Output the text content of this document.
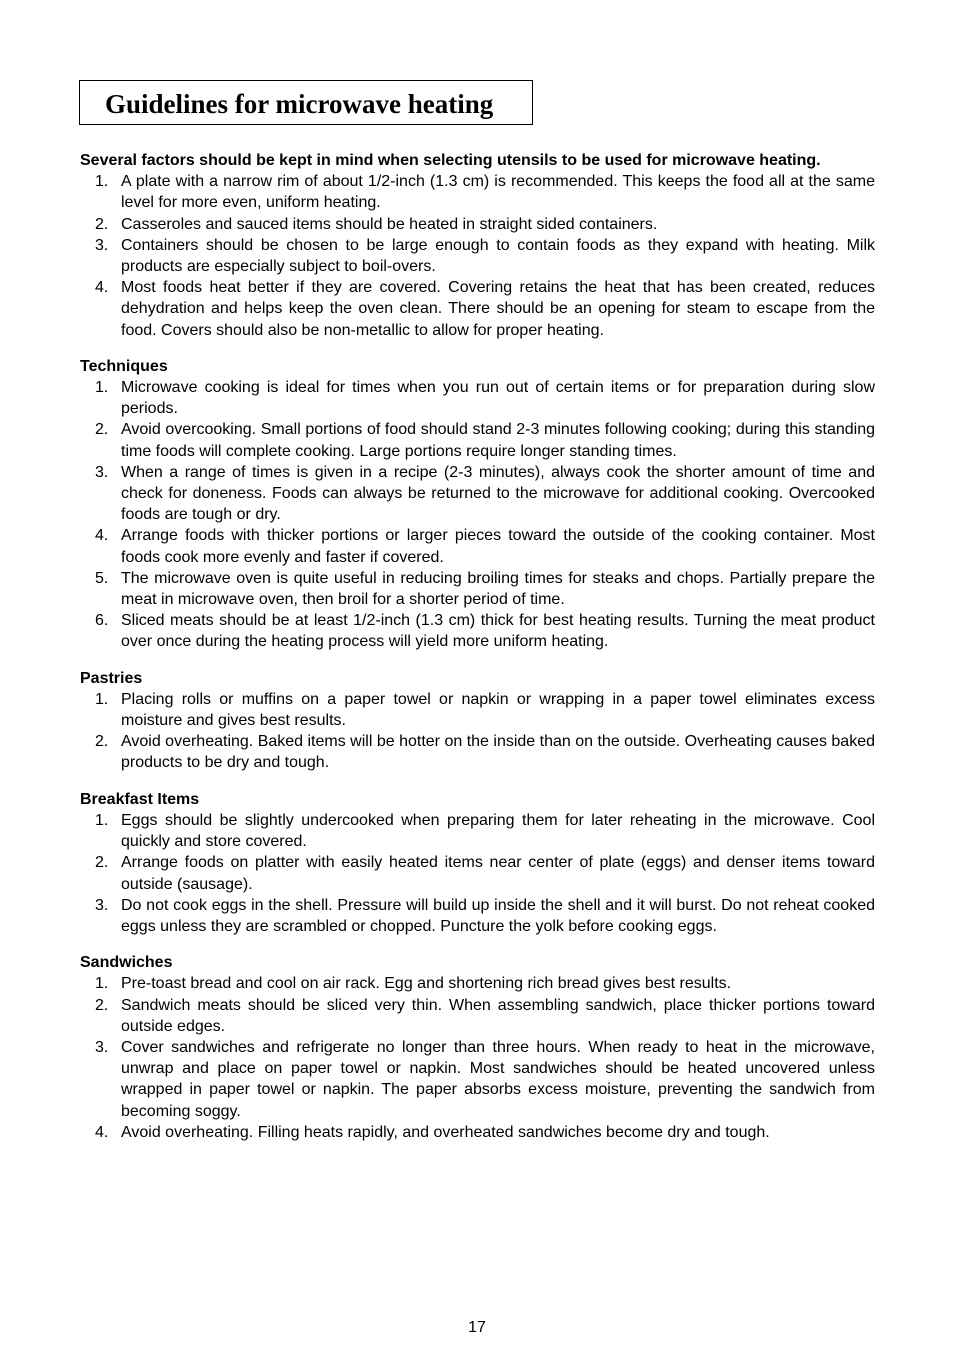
Guidelines for microwave heating
Several factors should be kept in mind when selecting utensils to be used for microwave heating.
1. A plate with a narrow rim of about 1/2-inch (1.3 cm) is recommended. This keeps the food all at the same level for more even, uniform heating.
2. Casseroles and sauced items should be heated in straight sided containers.
3. Containers should be chosen to be large enough to contain foods as they expand with heating. Milk products are especially subject to boil-overs.
4. Most foods heat better if they are covered. Covering retains the heat that has been created, reduces dehydration and helps keep the oven clean. There should be an opening for steam to escape from the food. Covers should also be non-metallic to allow for proper heating.
Techniques
1. Microwave cooking is ideal for times when you run out of certain items or for preparation during slow periods.
2. Avoid overcooking. Small portions of food should stand 2-3 minutes following cooking; during this standing time foods will complete cooking. Large portions require longer standing times.
3. When a range of times is given in a recipe (2-3 minutes), always cook the shorter amount of time and check for doneness. Foods can always be returned to the microwave for additional cooking. Overcooked foods are tough or dry.
4. Arrange foods with thicker portions or larger pieces toward the outside of the cooking container. Most foods cook more evenly and faster if covered.
5. The microwave oven is quite useful in reducing broiling times for steaks and chops. Partially prepare the meat in microwave oven, then broil for a shorter period of time.
6. Sliced meats should be at least 1/2-inch (1.3 cm) thick for best heating results. Turning the meat product over once during the heating process will yield more uniform heating.
Pastries
1. Placing rolls or muffins on a paper towel or napkin or wrapping in a paper towel eliminates excess moisture and gives best results.
2. Avoid overheating. Baked items will be hotter on the inside than on the outside. Overheating causes baked products to be dry and tough.
Breakfast Items
1. Eggs should be slightly undercooked when preparing them for later reheating in the microwave. Cool quickly and store covered.
2. Arrange foods on platter with easily heated items near center of plate (eggs) and denser items toward outside (sausage).
3. Do not cook eggs in the shell. Pressure will build up inside the shell and it will burst. Do not reheat cooked eggs unless they are scrambled or chopped. Puncture the yolk before cooking eggs.
Sandwiches
1. Pre-toast bread and cool on air rack. Egg and shortening rich bread gives best results.
2. Sandwich meats should be sliced very thin. When assembling sandwich, place thicker portions toward outside edges.
3. Cover sandwiches and refrigerate no longer than three hours. When ready to heat in the microwave, unwrap and place on paper towel or napkin. Most sandwiches should be heated uncovered unless wrapped in paper towel or napkin. The paper absorbs excess moisture, preventing the sandwich from becoming soggy.
4. Avoid overheating. Filling heats rapidly, and overheated sandwiches become dry and tough.
17
